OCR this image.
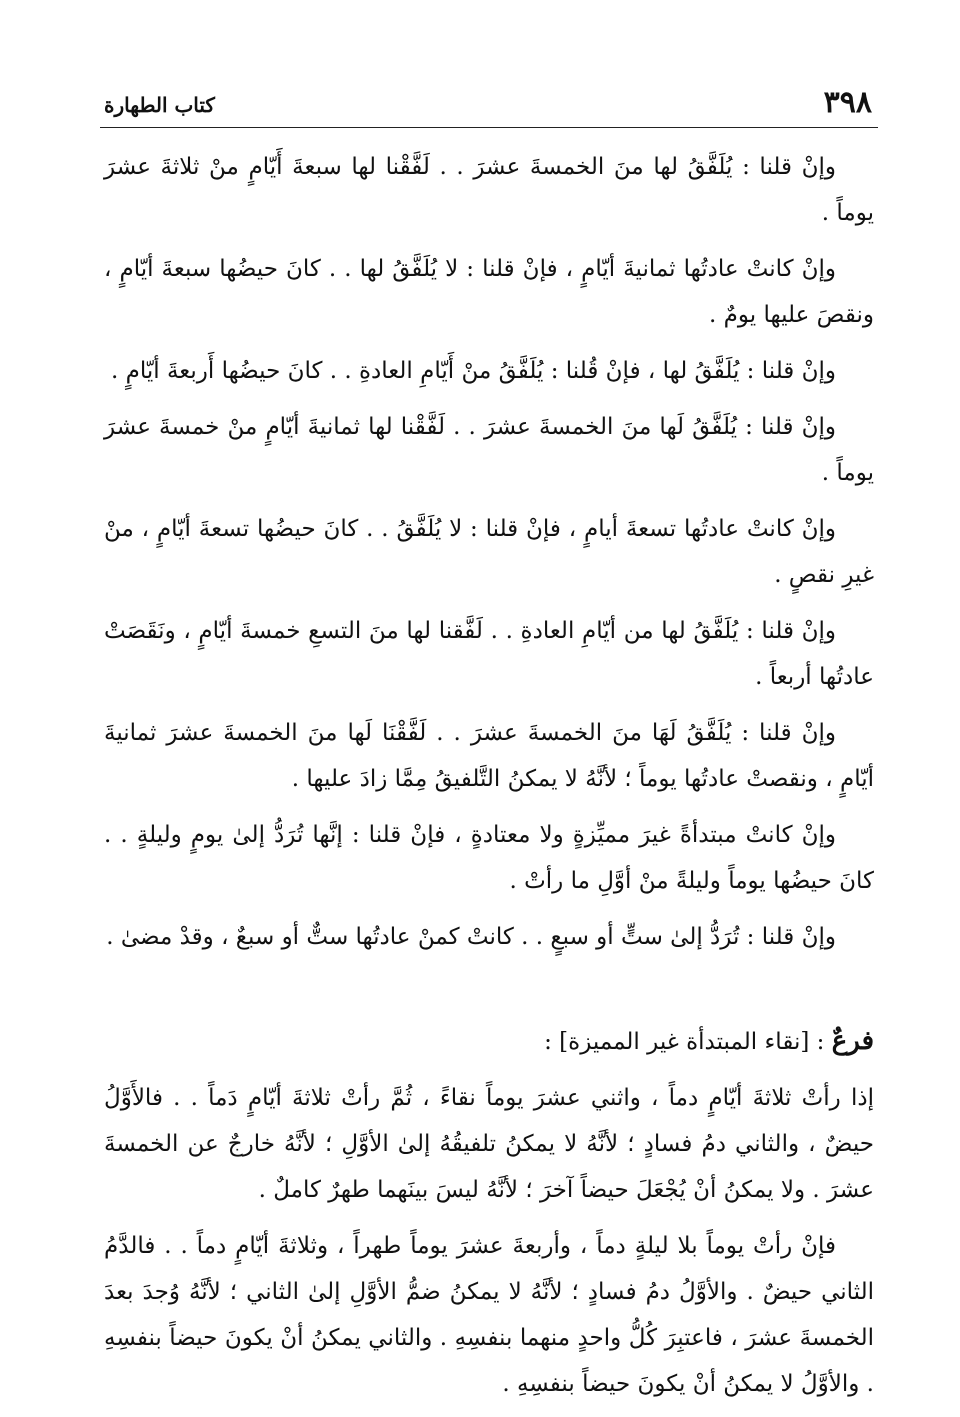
٣٩٨
كتاب الطهارة

وإنْ قلنا : يُلَفَّقُ لها منَ الخمسةَ عشرَ . . لَفَّقْنا لها سبعةَ أَيّامٍ منْ ثلاثةَ عشرَ يوماً .

وإنْ كانتْ عادتُها ثمانيةَ أيّامٍ ، فإنْ قلنا : لا يُلَفَّقُ لها . . كانَ حيضُها سبعةَ أيّامٍ ، ونقصَ عليها يومٌ .

وإنْ قلنا : يُلَفَّقُ لها ، فإنْ قُلنا : يُلَفَّقُ منْ أَيّامِ العادةِ . . كانَ حيضُها أَربعةَ أيّامٍ .

وإنْ قلنا : يُلَفَّقُ لَها منَ الخمسةَ عشرَ . . لَفَّقْنا لها ثمانيةَ أيّامٍ منْ خمسةَ عشرَ يوماً .

وإنْ كانتْ عادتُها تسعةَ أيامٍ ، فإنْ قلنا : لا يُلَفَّقُ . . كانَ حيضُها تسعةَ أيّامٍ ، منْ غيرِ نقصٍ .

وإنْ قلنا : يُلَفَّقُ لها من أيّامِ العادةِ . . لَفَّقنا لها منَ التسعِ خمسةَ أيّامٍ ، ونَقَصَتْ عادتُها أربعاً .

وإنْ قلنا : يُلَفَّقُ لَهَا منَ الخمسةَ عشرَ . . لَفَّقْنَا لَها منَ الخمسةَ عشرَ ثمانيةَ أيّامٍ ، ونقصتْ عادتُها يوماً ؛ لأنَّهُ لا يمكنُ التَّلفيقُ مِمَّا زادَ عليها .

وإنْ كانتْ مبتدأةً غيرَ مميِّزةٍ ولا معتادةٍ ، فإنْ قلنا : إنَّها تُرَدُّ إلىٰ يومٍ وليلةٍ . . كانَ حيضُها يوماً وليلةً منْ أوَّلِ ما رأتْ .

وإنْ قلنا : تُرَدُّ إلىٰ ستٍّ أو سبعٍ . . كانتْ كمنْ عادتُها ستٌّ أو سبعٌ ، وقدْ مضىٰ .

فرعٌ : [نقاء المبتدأة غير المميزة] :

إذا رأتْ ثلاثةَ أيّامٍ دماً ، واثني عشرَ يوماً نقاءً ، ثُمَّ رأتْ ثلاثةَ أيّامٍ دَماً . . فالأَوَّلُ حيضٌ ، والثاني دمُ فسادٍ ؛ لأنَّهُ لا يمكنُ تلفيقُهُ إلىٰ الأوَّلِ ؛ لأنَّهُ خارجٌ عن الخمسةَ عشرَ . ولا يمكنُ أنْ يُجْعَلَ حيضاً آخرَ ؛ لأنَّهُ ليسَ بينَهما طهرٌ كاملٌ .

فإنْ رأتْ يوماً بلا ليلةٍ دماً ، وأربعةَ عشرَ يوماً طهراً ، وثلاثةَ أيّامٍ دماً . . فالدَّمُ الثاني حيضٌ . والأوَّلُ دمُ فسادٍ ؛ لأنَّهُ لا يمكنُ ضمُّ الأوَّلِ إلىٰ الثاني ؛ لأنَّهُ وُجدَ بعدَ الخمسةَ عشرَ ، فاعتبِرَ كُلُّ واحدٍ منهما بنفسِهِ . والثاني يمكنُ أنْ يكونَ حيضاً بنفسِهِ . والأوَّلُ لا يمكنُ أنْ يكونَ حيضاً بنفسِهِ .
